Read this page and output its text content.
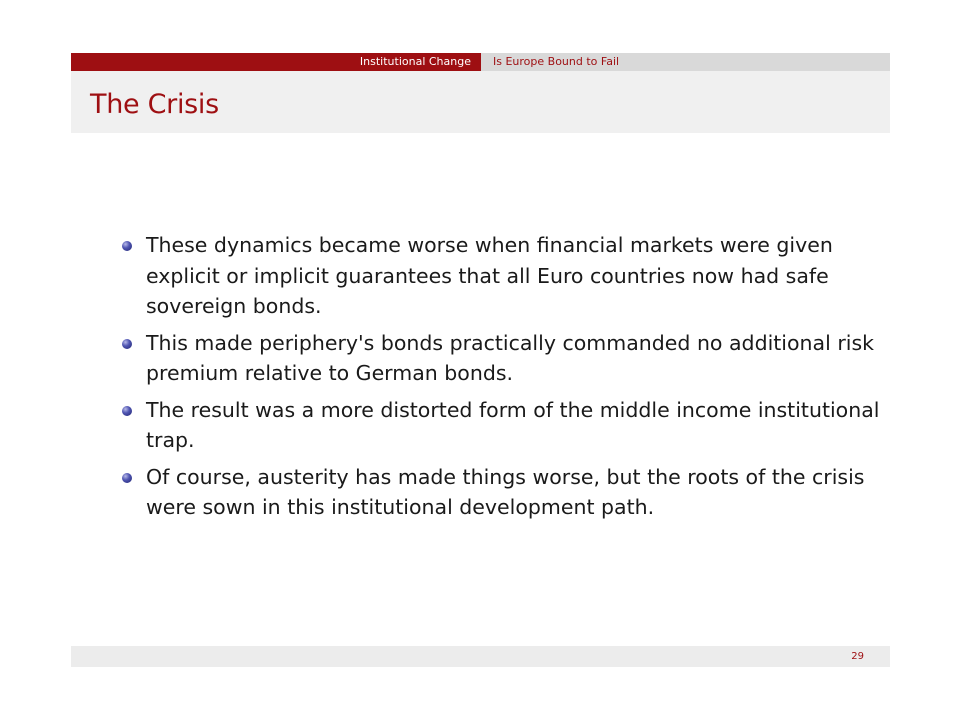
Institutional Change	Is Europe Bound to Fail
The Crisis
These dynamics became worse when financial markets were given explicit or implicit guarantees that all Euro countries now had safe sovereign bonds.
This made periphery's bonds practically commanded no additional risk premium relative to German bonds.
The result was a more distorted form of the middle income institutional trap.
Of course, austerity has made things worse, but the roots of the crisis were sown in this institutional development path.
29
